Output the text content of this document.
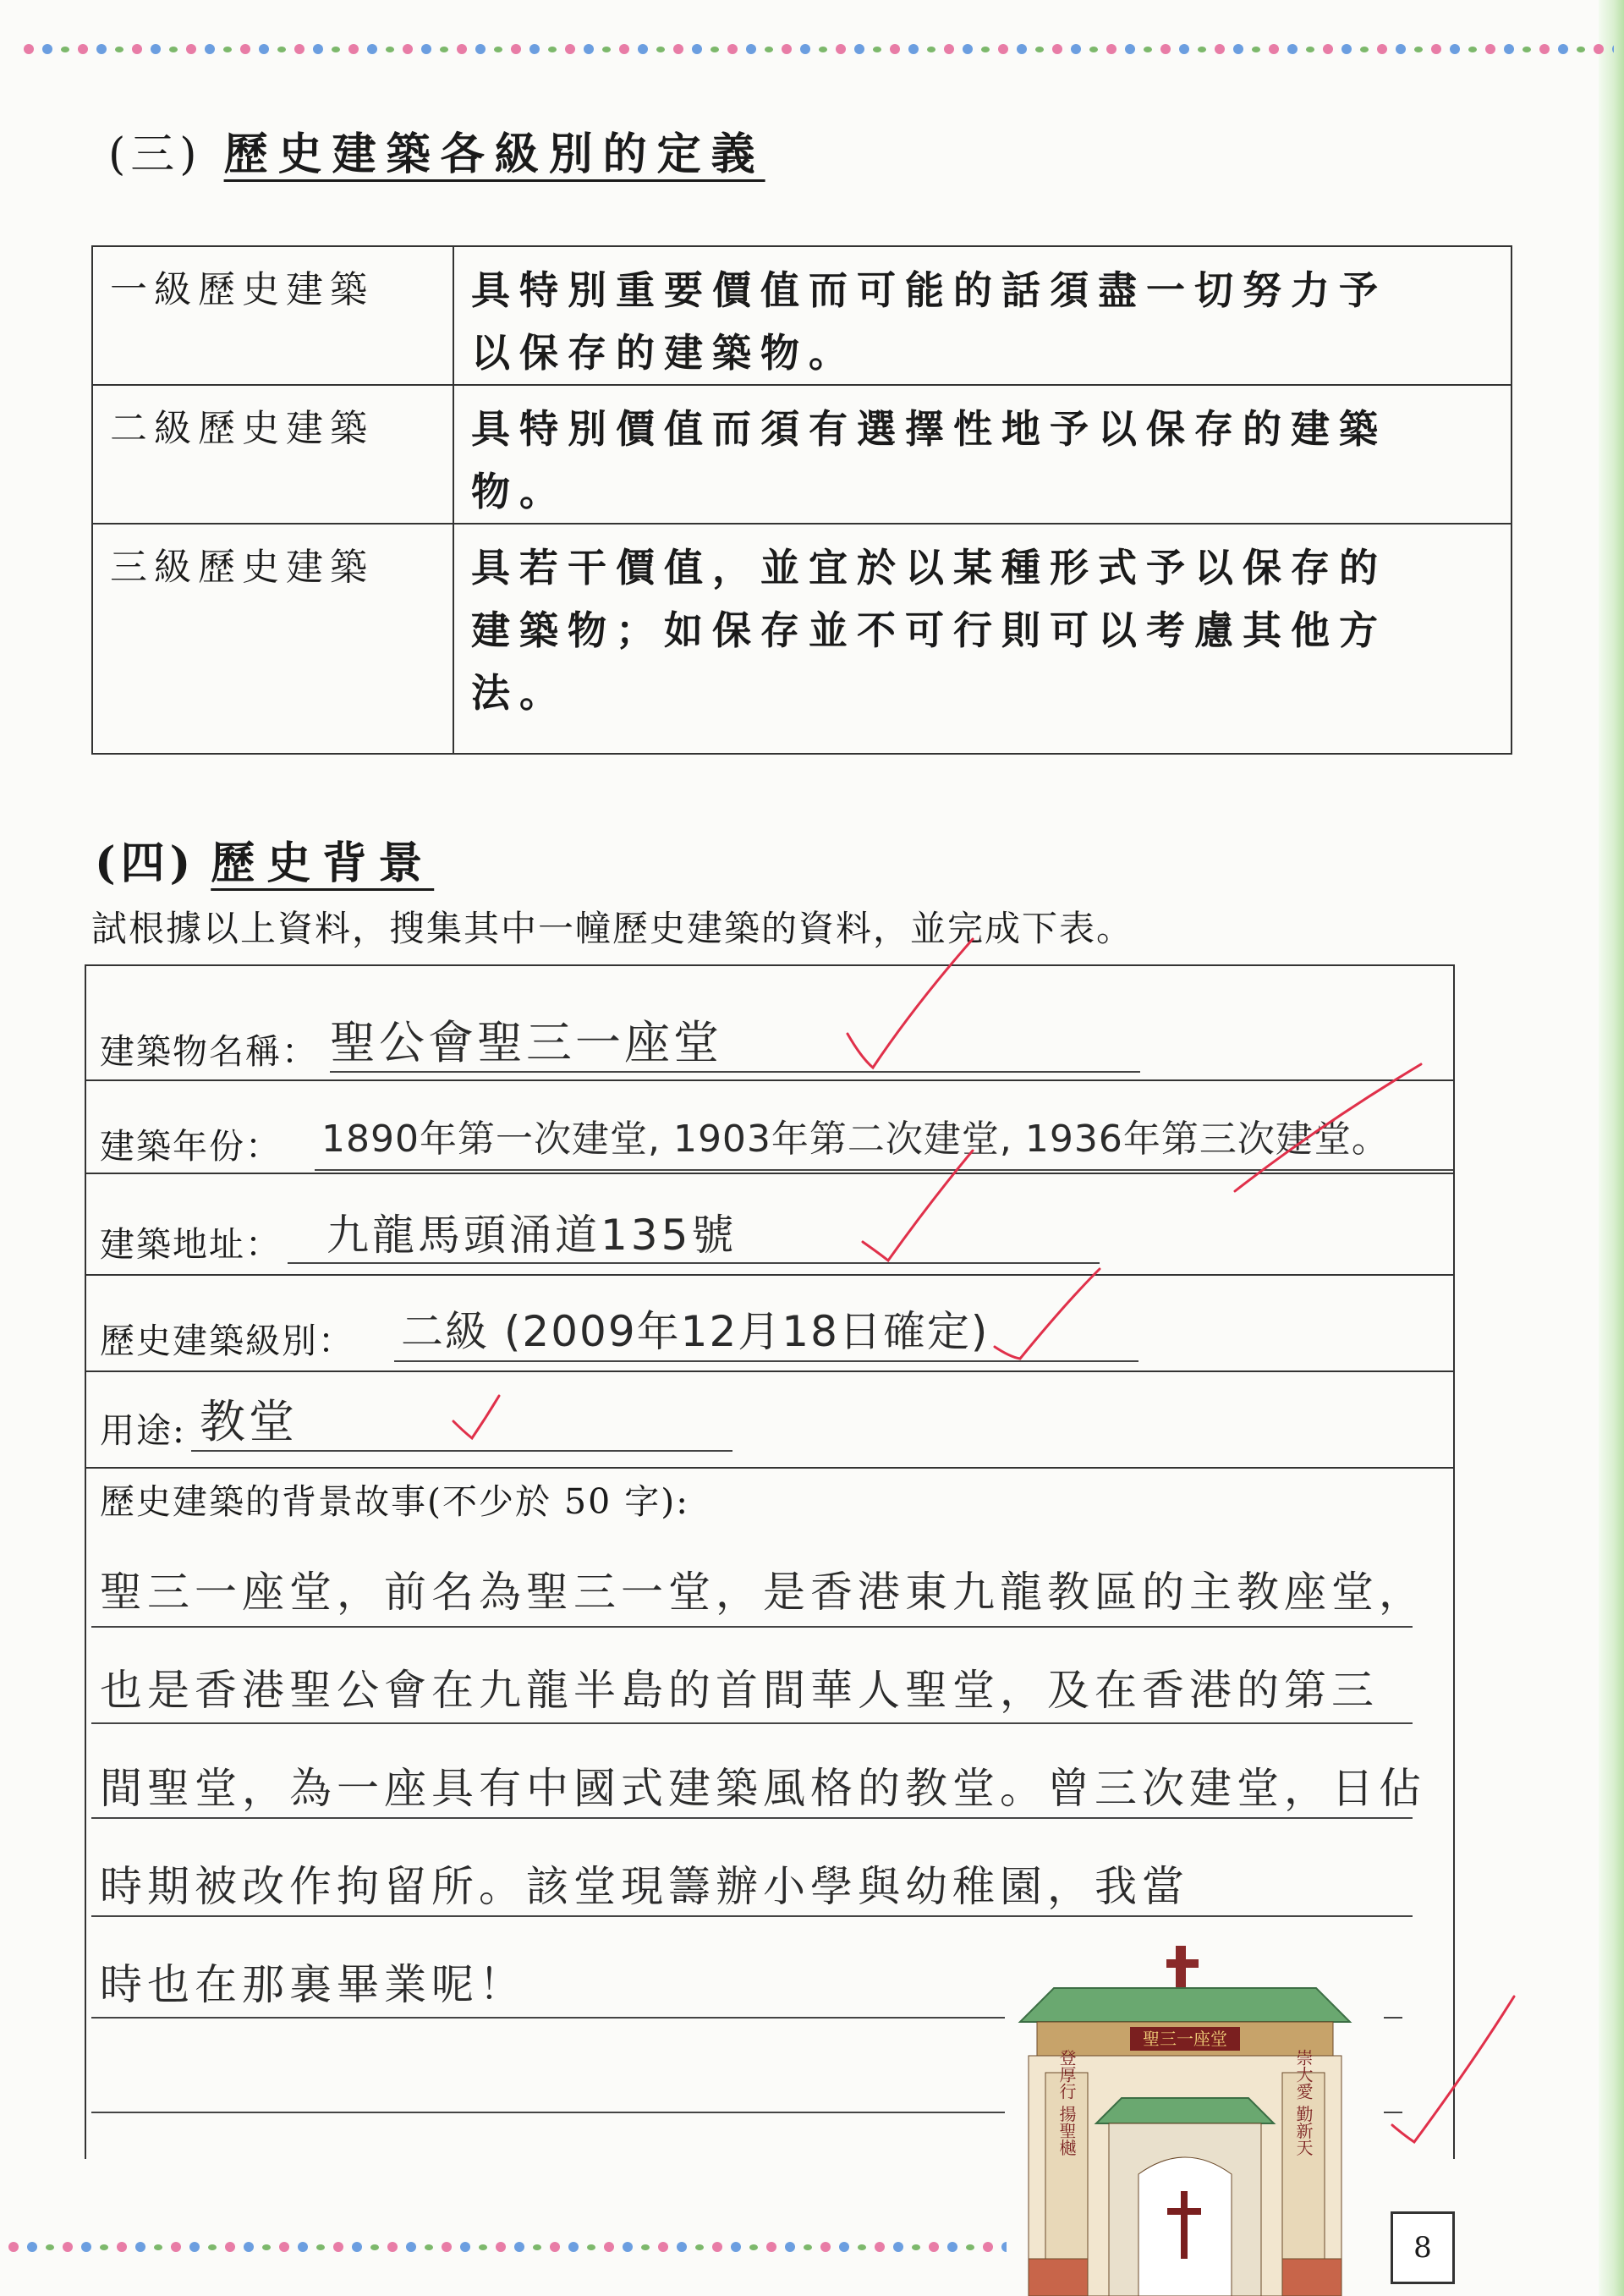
(三) 歷史建築各級別的定義
一級歷史建築	具特別重要價值而可能的話須盡一切努力予
以保存的建築物。

二級歷史建築	具特別價值而須有選擇性地予以保存的建築
物。

三級歷史建築	具若干價值，並宜於以某種形式予以保存的
建築物；如保存並不可行則可以考慮其他方
法。
(四) 歷史背景
試根據以上資料，搜集其中一幢歷史建築的資料，並完成下表。
建築物名稱： 聖公會聖三一座堂
建築年份： 1890年第一次建堂, 1903年第二次建堂, 1936年第三次建堂。
建築地址： 九龍馬頭涌道135號
歷史建築級別： 二級 (2009年12月18日確定)
用途: 教堂
歷史建築的背景故事(不少於 50 字):
聖三一座堂，前名為聖三一堂，是香港東九龍教區的主教座堂，
也是香港聖公會在九龍半島的首間華人聖堂，及在香港的第三
間聖堂，為一座具有中國式建築風格的教堂。曾三次建堂，日佔
時期被改作拘留所。該堂現籌辦小學與幼稚園，我當
時也在那裏畢業呢！
聖三一座堂
登厚行 揚聖樾	崇大愛 勤新天
8
